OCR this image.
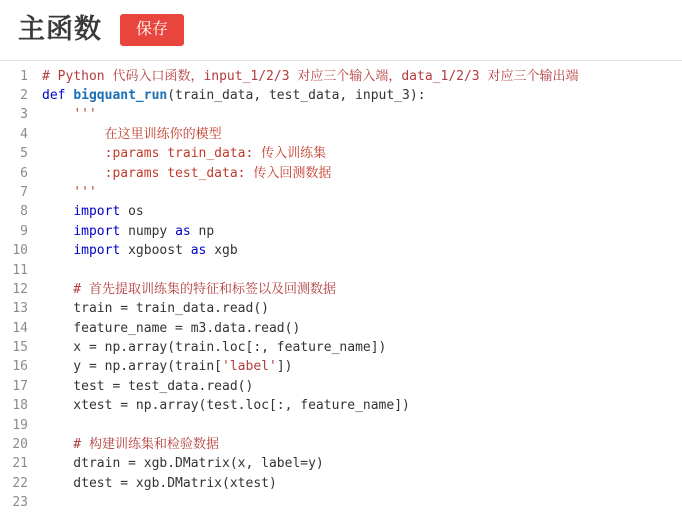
主函数	保存
1
2
3
4
5
6
7
8
9
10
11
12
13
14
15
16
17
18
19
20
21
22
23
# Python 代码入口函数，input_1/2/3 对应三个输入端，data_1/2/3 对应三个输出端
def bigquant_run(train_data, test_data, input_3):
'''
在这里训练你的模型
:params train_data: 传入训练集
:params test_data: 传入回测数据
'''
import os
import numpy as np
import xgboost as xgb

# 首先提取训练集的特征和标签以及回测数据
train = train_data.read()
feature_name = m3.data.read()
x = np.array(train.loc[:, feature_name])
y = np.array(train['label'])
test = test_data.read()
xtest = np.array(test.loc[:, feature_name])

# 构建训练集和检验数据
dtrain = xgb.DMatrix(x, label=y)
dtest = xgb.DMatrix(xtest)
